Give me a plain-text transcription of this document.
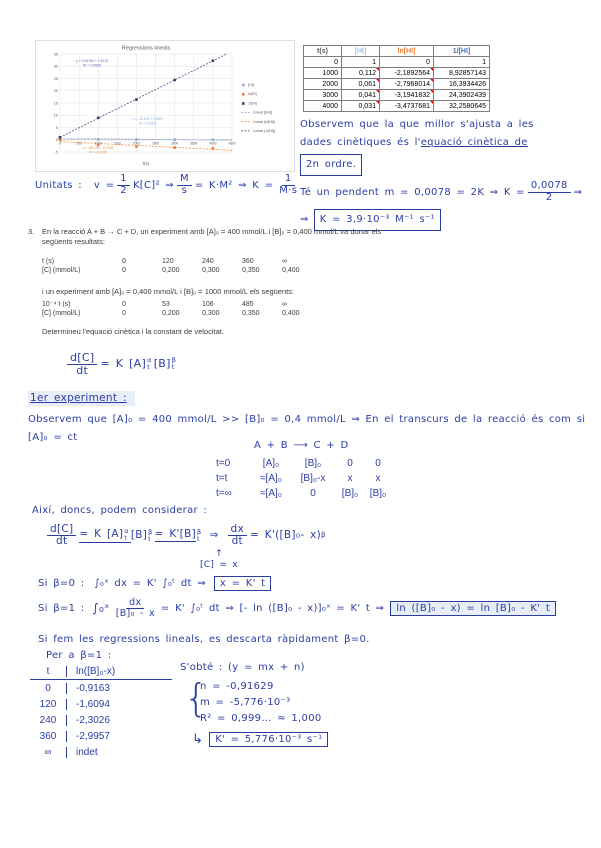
-5
0
5
10
15
20
25
30
35
0	500	1500	2000	2500	3000	3500	4000	4500
Regressions lineals
t(s)
y = 0,0078x + 1,0019
R² = 0,9998
y = -2E-04x + 0,6507
R² = 0,6511
y = -8E-04x - 0,7293
R² = 0,8189
[HI]
ln[HI]
1/[HI]
Lineal ([HI])
Lineal (ln[HI])
Lineal (1/[HI])
t(s)	[HI]	ln[HI]	1/[HI]
0	1	0	1
1000	0,112	-2,1892564	8,92857143
2000	0,061	-2,7968014	16,3934426
3000	0,041	-3,1941832	24,3902439
4000	0,031	-3,4737681	32,2580645
Observem que la que millor s'ajusta a les
dades cinètiques és l'equació cinètica de
2n ordre.
Té un pendent m = 0,0078 = 2K ⇒ $K = \frac{0,0078}{2}$ ⇒
⇒	K = 3,9·10⁻³ M⁻¹ s⁻¹
Unitats : $v = \frac{1}{2} K[C]^2$ ⇒ $\frac{M}{s} = K\cdot M^2$ ⇒ $K = \frac{1}{M\cdot s}$
3.	En la reacció A + B → C + D, un experiment amb [A]₀ = 400 mmol/L i [B]₀ = 0,400 mmol/L va donar els
següents resultats:
t (s)	0	120	240	360	∞
[C] (mmol/L)	0	0,200	0,300	0,350	0,400
i un experiment amb [A]₀ = 0,400 mmol/L i [B]₀ = 1000 mmol/L els següents:
10⁻⁴ t (s)	0	53	106	485	∞
[C] (mmol/L)	0	0,200	0,300	0,350	0,400
Determineu l'equació cinètica i la constant de velocitat.
$\frac{d[C]}{dt} = K$ [A] α
t [B] β
t
1er experiment :
Observem que [A]₀ = 400 mmol/L >> [B]₀ = 0,4 mmol/L ⇒ En el transcurs de la reacció és com si
[A]₀ = ct
A + B ⟶ C + D
t=0	[A]₀	[B]₀	0	0
t=t	≈[A]₀	[B]₀-x	x	x
t=∞	≈[A]₀	0	[B]₀	[B]₀
Així, doncs, podem considerar :
$\frac{d[C]}{dt} = K$ [A] α
t [B] β
t = K'[B] β
t ⇒ $\frac{dx}{dt} = K'([B]_0-$ x) β
↑
[C] = x
Si β=0 : ∫₀ˣ dx = K' ∫₀ᵗ dt ⇒	x = K' t
Si β=1 : ∫₀ˣ $\frac{dx}{\text{[B]₀ - x}} = K'$ ∫₀ᵗ dt ⇒ [- ln ([B]₀ - x)]₀ˣ = K' t ⇒	ln ([B]₀ - x) = ln [B]₀ - K' t
Si fem les regressions lineals, es descarta ràpidament β=0.
Per a β=1 :
t	ln([B]₀-x)
0	-0,9163
120	-1,6094
240	-2,3026
360	-2,9957
∞	indet
S'obté : (y = mx + n)
{
n = -0,91629
m = -5,776·10⁻³
R² = 0,999... ≈ 1,000
↳	K' = 5,776·10⁻³ s⁻¹
